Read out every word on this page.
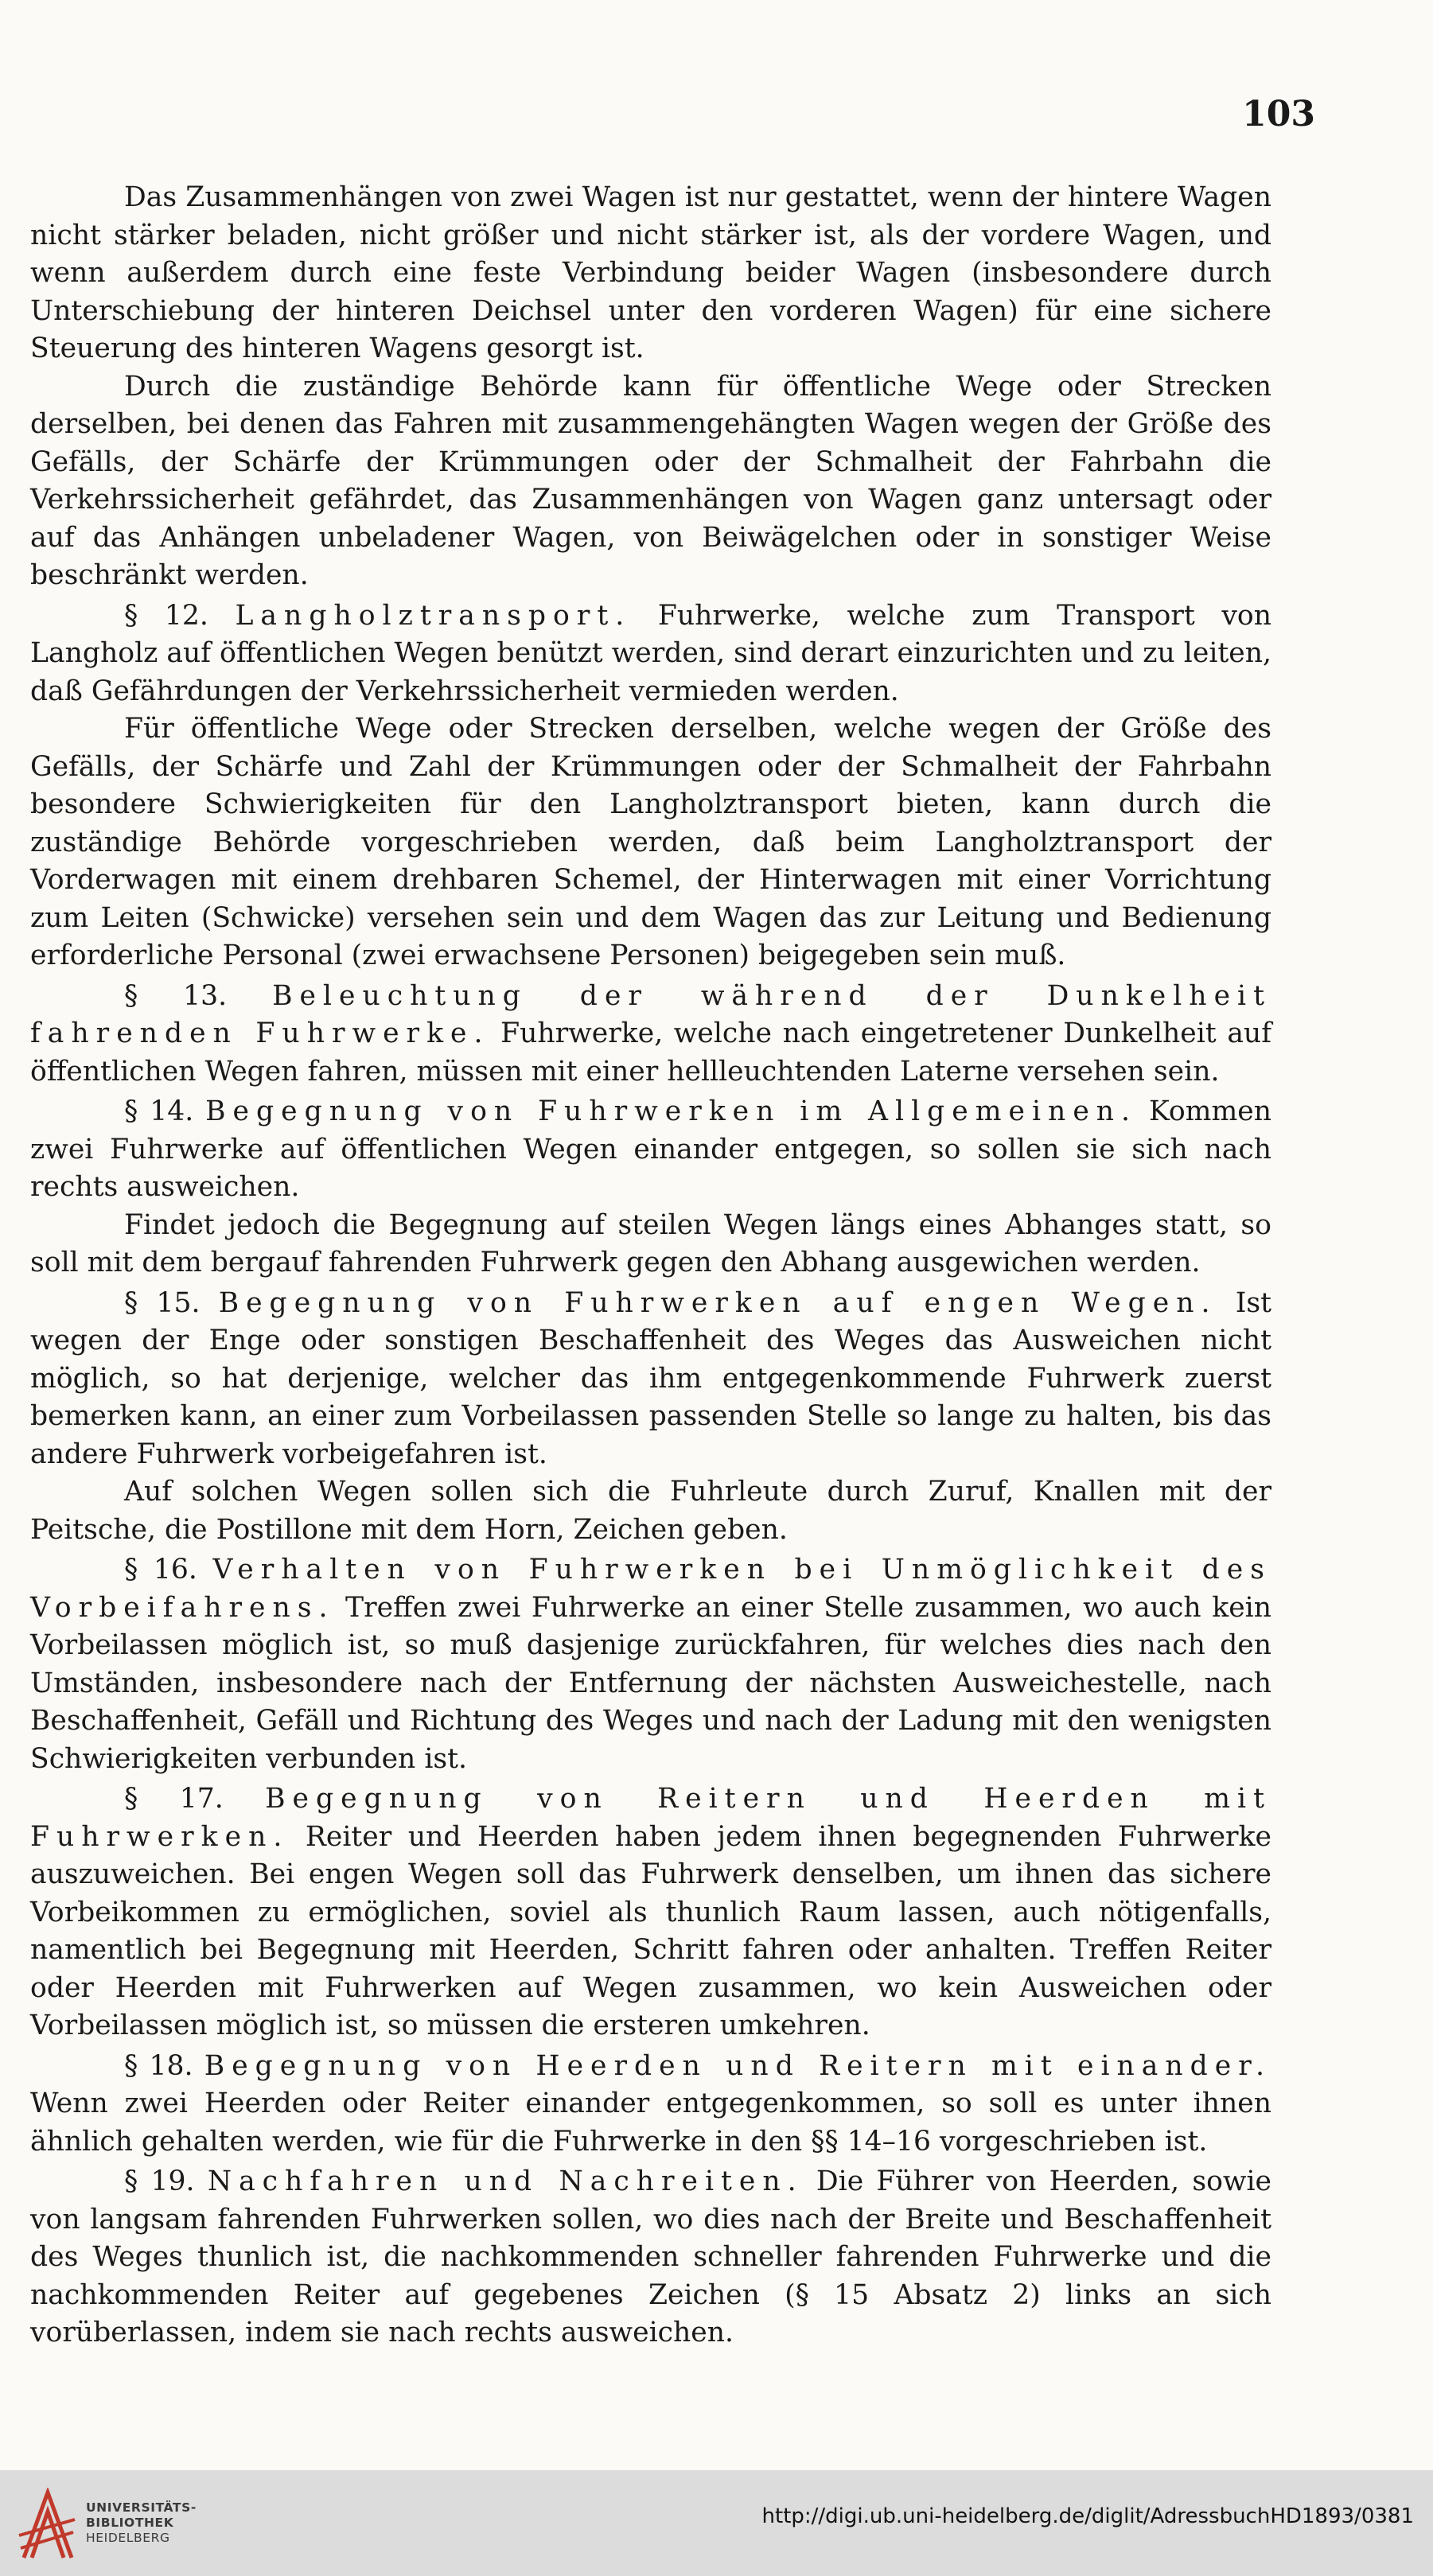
103

Das Zusammenhängen von zwei Wagen ist nur gestattet, wenn der hintere Wagen nicht stärker beladen, nicht größer und nicht stärker ist, als der vordere Wagen, und wenn außerdem durch eine feste Verbindung beider Wagen (insbesondere durch Unterschiebung der hinteren Deichsel unter den vorderen Wagen) für eine sichere Steuerung des hinteren Wagens gesorgt ist.

Durch die zuständige Behörde kann für öffentliche Wege oder Strecken derselben, bei denen das Fahren mit zusammengehängten Wagen wegen der Größe des Gefälls, der Schärfe der Krümmungen oder der Schmalheit der Fahrbahn die Verkehrssicherheit gefährdet, das Zusammenhängen von Wagen ganz untersagt oder auf das Anhängen unbeladener Wagen, von Beiwägelchen oder in sonstiger Weise beschränkt werden.

§ 12. Langholztransport. Fuhrwerke, welche zum Transport von Langholz auf öffentlichen Wegen benützt werden, sind derart einzurichten und zu leiten, daß Gefährdungen der Verkehrssicherheit vermieden werden.

Für öffentliche Wege oder Strecken derselben, welche wegen der Größe des Gefälls, der Schärfe und Zahl der Krümmungen oder der Schmalheit der Fahrbahn besondere Schwierigkeiten für den Langholztransport bieten, kann durch die zuständige Behörde vorgeschrieben werden, daß beim Langholztransport der Vorderwagen mit einem drehbaren Schemel, der Hinterwagen mit einer Vorrichtung zum Leiten (Schwicke) versehen sein und dem Wagen das zur Leitung und Bedienung erforderliche Personal (zwei erwachsene Personen) beigegeben sein muß.

§ 13. Beleuchtung der während der Dunkelheit fahrenden Fuhrwerke. Fuhrwerke, welche nach eingetretener Dunkelheit auf öffentlichen Wegen fahren, müssen mit einer hellleuchtenden Laterne versehen sein.

§ 14. Begegnung von Fuhrwerken im Allgemeinen. Kommen zwei Fuhrwerke auf öffentlichen Wegen einander entgegen, so sollen sie sich nach rechts ausweichen.

Findet jedoch die Begegnung auf steilen Wegen längs eines Abhanges statt, so soll mit dem bergauf fahrenden Fuhrwerk gegen den Abhang ausgewichen werden.

§ 15. Begegnung von Fuhrwerken auf engen Wegen. Ist wegen der Enge oder sonstigen Beschaffenheit des Weges das Ausweichen nicht möglich, so hat derjenige, welcher das ihm entgegenkommende Fuhrwerk zuerst bemerken kann, an einer zum Vorbeilassen passenden Stelle so lange zu halten, bis das andere Fuhrwerk vorbeigefahren ist.

Auf solchen Wegen sollen sich die Fuhrleute durch Zuruf, Knallen mit der Peitsche, die Postillone mit dem Horn, Zeichen geben.

§ 16. Verhalten von Fuhrwerken bei Unmöglichkeit des Vorbeifahrens. Treffen zwei Fuhrwerke an einer Stelle zusammen, wo auch kein Vorbeilassen möglich ist, so muß dasjenige zurückfahren, für welches dies nach den Umständen, insbesondere nach der Entfernung der nächsten Ausweichestelle, nach Beschaffenheit, Gefäll und Richtung des Weges und nach der Ladung mit den wenigsten Schwierigkeiten verbunden ist.

§ 17. Begegnung von Reitern und Heerden mit Fuhrwerken. Reiter und Heerden haben jedem ihnen begegnenden Fuhrwerke auszuweichen. Bei engen Wegen soll das Fuhrwerk denselben, um ihnen das sichere Vorbeikommen zu ermöglichen, soviel als thunlich Raum lassen, auch nötigenfalls, namentlich bei Begegnung mit Heerden, Schritt fahren oder anhalten. Treffen Reiter oder Heerden mit Fuhrwerken auf Wegen zusammen, wo kein Ausweichen oder Vorbeilassen möglich ist, so müssen die ersteren umkehren.

§ 18. Begegnung von Heerden und Reitern mit einander. Wenn zwei Heerden oder Reiter einander entgegenkommen, so soll es unter ihnen ähnlich gehalten werden, wie für die Fuhrwerke in den §§ 14–16 vorgeschrieben ist.

§ 19. Nachfahren und Nachreiten. Die Führer von Heerden, sowie von langsam fahrenden Fuhrwerken sollen, wo dies nach der Breite und Beschaffenheit des Weges thunlich ist, die nachkommenden schneller fahrenden Fuhrwerke und die nachkommenden Reiter auf gegebenes Zeichen (§ 15 Absatz 2) links an sich vorüberlassen, indem sie nach rechts ausweichen.

UNIVERSITÄTS-
BIBLIOTHEK
HEIDELBERG
http://digi.ub.uni-heidelberg.de/diglit/AdressbuchHD1893/0381
